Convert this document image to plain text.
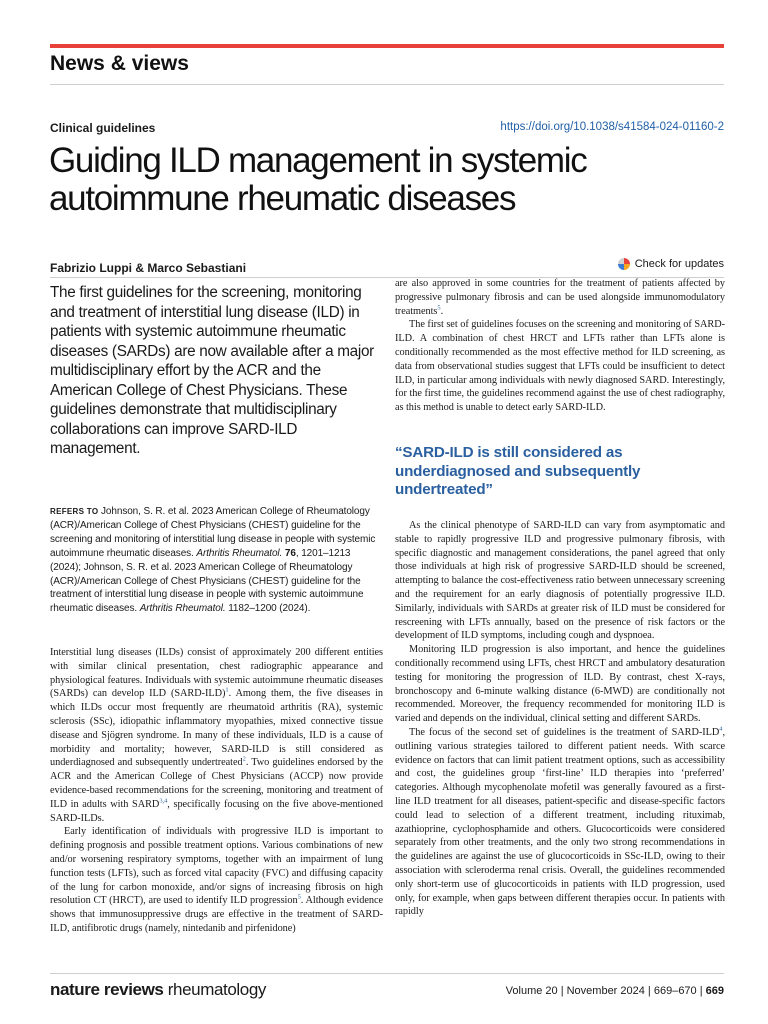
News & views
Clinical guidelines	https://doi.org/10.1038/s41584-024-01160-2
Guiding ILD management in systemic autoimmune rheumatic diseases
Fabrizio Luppi & Marco Sebastiani	Check for updates
The first guidelines for the screening, monitoring and treatment of interstitial lung disease (ILD) in patients with systemic autoimmune rheumatic diseases (SARDs) are now available after a major multidisciplinary effort by the ACR and the American College of Chest Physicians. These guidelines demonstrate that multidisciplinary collaborations can improve SARD-ILD management.
REFERS TO Johnson, S. R. et al. 2023 American College of Rheumatology (ACR)/American College of Chest Physicians (CHEST) guideline for the screening and monitoring of interstitial lung disease in people with systemic autoimmune rheumatic diseases. Arthritis Rheumatol. 76, 1201–1213 (2024); Johnson, S. R. et al. 2023 American College of Rheumatology (ACR)/American College of Chest Physicians (CHEST) guideline for the treatment of interstitial lung disease in people with systemic autoimmune rheumatic diseases. Arthritis Rheumatol. 1182–1200 (2024).

Interstitial lung diseases (ILDs) consist of approximately 200 different entities with similar clinical presentation, chest radiographic appearance and physiological features. Individuals with systemic autoimmune rheumatic diseases (SARDs) can develop ILD (SARD-ILD)$^1$. Among them, the five diseases in which ILDs occur most frequently are rheumatoid arthritis (RA), systemic sclerosis (SSc), idiopathic inflammatory myopathies, mixed connective tissue disease and Sjögren syndrome. In many of these individuals, ILD is a cause of morbidity and mortality; however, SARD-ILD is still considered as underdiagnosed and subsequently undertreated$^2$. Two guidelines endorsed by the ACR and the American College of Chest Physicians (ACCP) now provide evidence-based recommendations for the screening, monitoring and treatment of ILD in adults with SARD$^{3,4}$, specifically focusing on the five above-mentioned SARD-ILDs.

Early identification of individuals with progressive ILD is important to defining prognosis and possible treatment options. Various combinations of new and/or worsening respiratory symptoms, together with an impairment of lung function tests (LFTs), such as forced vital capacity (FVC) and diffusing capacity of the lung for carbon monoxide, and/or signs of increasing fibrosis on high resolution CT (HRCT), are used to identify ILD progression$^5$. Although evidence shows that immunosuppressive drugs are effective in the treatment of SARD-ILD, antifibrotic drugs (namely, nintedanib and pirfenidone)

are also approved in some countries for the treatment of patients affected by progressive pulmonary fibrosis and can be used alongside immunomodulatory treatments$^5$.

The first set of guidelines focuses on the screening and monitoring of SARD-ILD. A combination of chest HRCT and LFTs rather than LFTs alone is conditionally recommended as the most effective method for ILD screening, as data from observational studies suggest that LFTs could be insufficient to detect ILD, in particular among individuals with newly diagnosed SARD. Interestingly, for the first time, the guidelines recommend against the use of chest radiography, as this method is unable to detect early SARD-ILD.

“SARD-ILD is still considered as underdiagnosed and subsequently undertreated”

As the clinical phenotype of SARD-ILD can vary from asymptomatic and stable to rapidly progressive ILD and progressive pulmonary fibrosis, with specific diagnostic and management considerations, the panel agreed that only those individuals at high risk of progressive SARD-ILD should be screened, attempting to balance the cost-effectiveness ratio between unnecessary screening and the requirement for an early diagnosis of potentially progressive ILD. Similarly, individuals with SARDs at greater risk of ILD must be considered for rescreening with LFTs annually, based on the presence of risk factors or the development of ILD symptoms, including cough and dyspnoea.

Monitoring ILD progression is also important, and hence the guidelines conditionally recommend using LFTs, chest HRCT and ambulatory desaturation testing for monitoring the progression of ILD. By contrast, chest X-rays, bronchoscopy and 6-minute walking distance (6-MWD) are conditionally not recommended. Moreover, the frequency recommended for monitoring ILD is varied and depends on the individual, clinical setting and different SARDs.

The focus of the second set of guidelines is the treatment of SARD-ILD$^4$, outlining various strategies tailored to different patient needs. With scarce evidence on factors that can limit patient treatment options, such as accessibility and cost, the guidelines group ‘first-line’ ILD therapies into ‘preferred’ categories. Although mycophenolate mofetil was generally favoured as a first-line ILD treatment for all diseases, patient-specific and disease-specific factors could lead to selection of a different treatment, including rituximab, azathioprine, cyclophosphamide and others. Glucocorticoids were considered separately from other treatments, and the only two strong recommendations in the guidelines are against the use of glucocorticoids in SSc-ILD, owing to their association with scleroderma renal crisis. Overall, the guidelines recommended only short-term use of glucocorticoids in patients with ILD progression, used only, for example, when gaps between different therapies occur. In patients with rapidly

nature reviews rheumatology	Volume 20 | November 2024 | 669–670 | 669
